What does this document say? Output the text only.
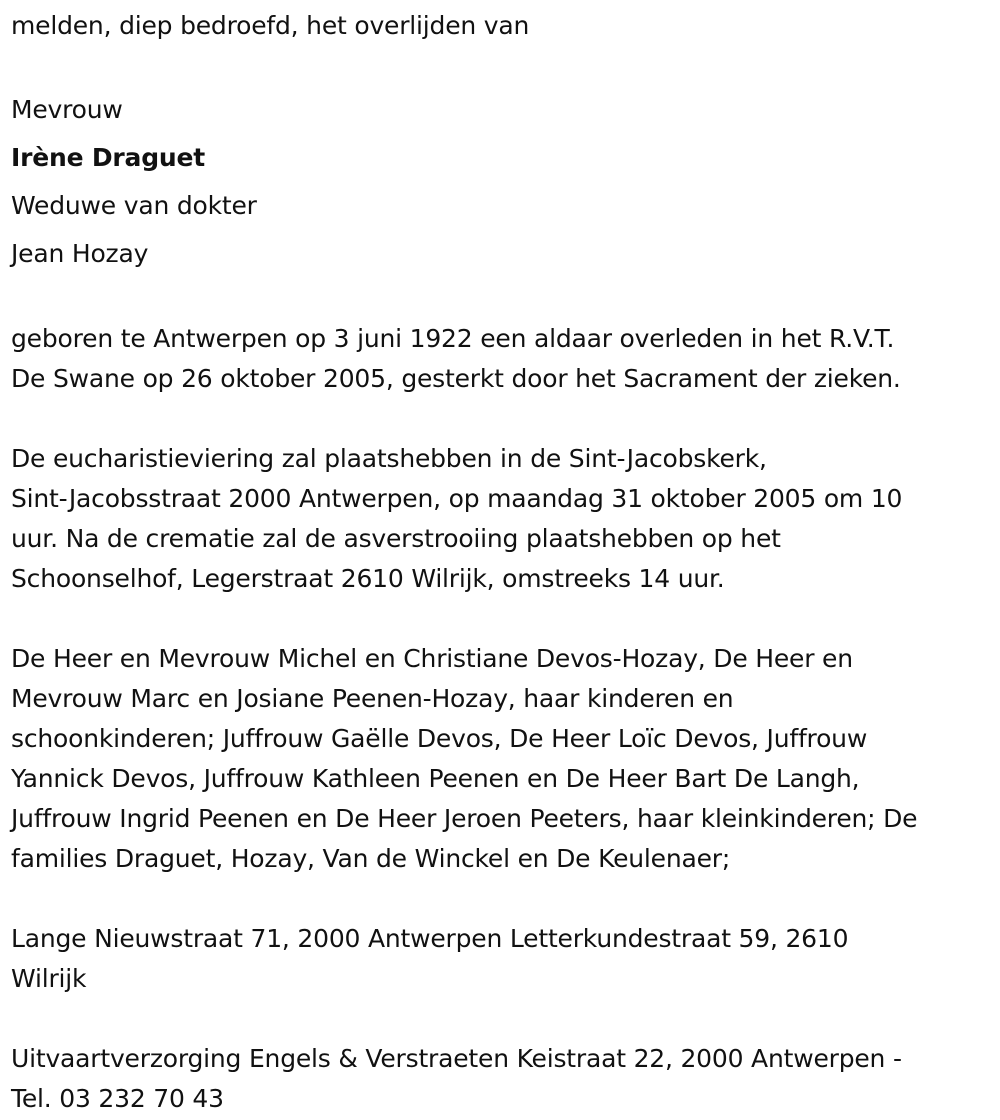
melden, diep bedroefd, het overlijden van
Mevrouw
Irène Draguet
Weduwe van dokter
Jean Hozay
geboren te Antwerpen op 3 juni 1922 een aldaar overleden in het R.V.T.
De Swane op 26 oktober 2005, gesterkt door het Sacrament der zieken.
De eucharistieviering zal plaatshebben in de Sint-Jacobskerk,
Sint-Jacobsstraat 2000 Antwerpen, op maandag 31 oktober 2005 om 10
uur. Na de crematie zal de asverstrooiing plaatshebben op het
Schoonselhof, Legerstraat 2610 Wilrijk, omstreeks 14 uur.
De Heer en Mevrouw Michel en Christiane Devos-Hozay, De Heer en
Mevrouw Marc en Josiane Peenen-Hozay, haar kinderen en
schoonkinderen; Juffrouw Gaëlle Devos, De Heer Loïc Devos, Juffrouw
Yannick Devos, Juffrouw Kathleen Peenen en De Heer Bart De Langh,
Juffrouw Ingrid Peenen en De Heer Jeroen Peeters, haar kleinkinderen; De
families Draguet, Hozay, Van de Winckel en De Keulenaer;
Lange Nieuwstraat 71, 2000 Antwerpen Letterkundestraat 59, 2610
Wilrijk
Uitvaartverzorging Engels & Verstraeten Keistraat 22, 2000 Antwerpen -
Tel. 03 232 70 43
